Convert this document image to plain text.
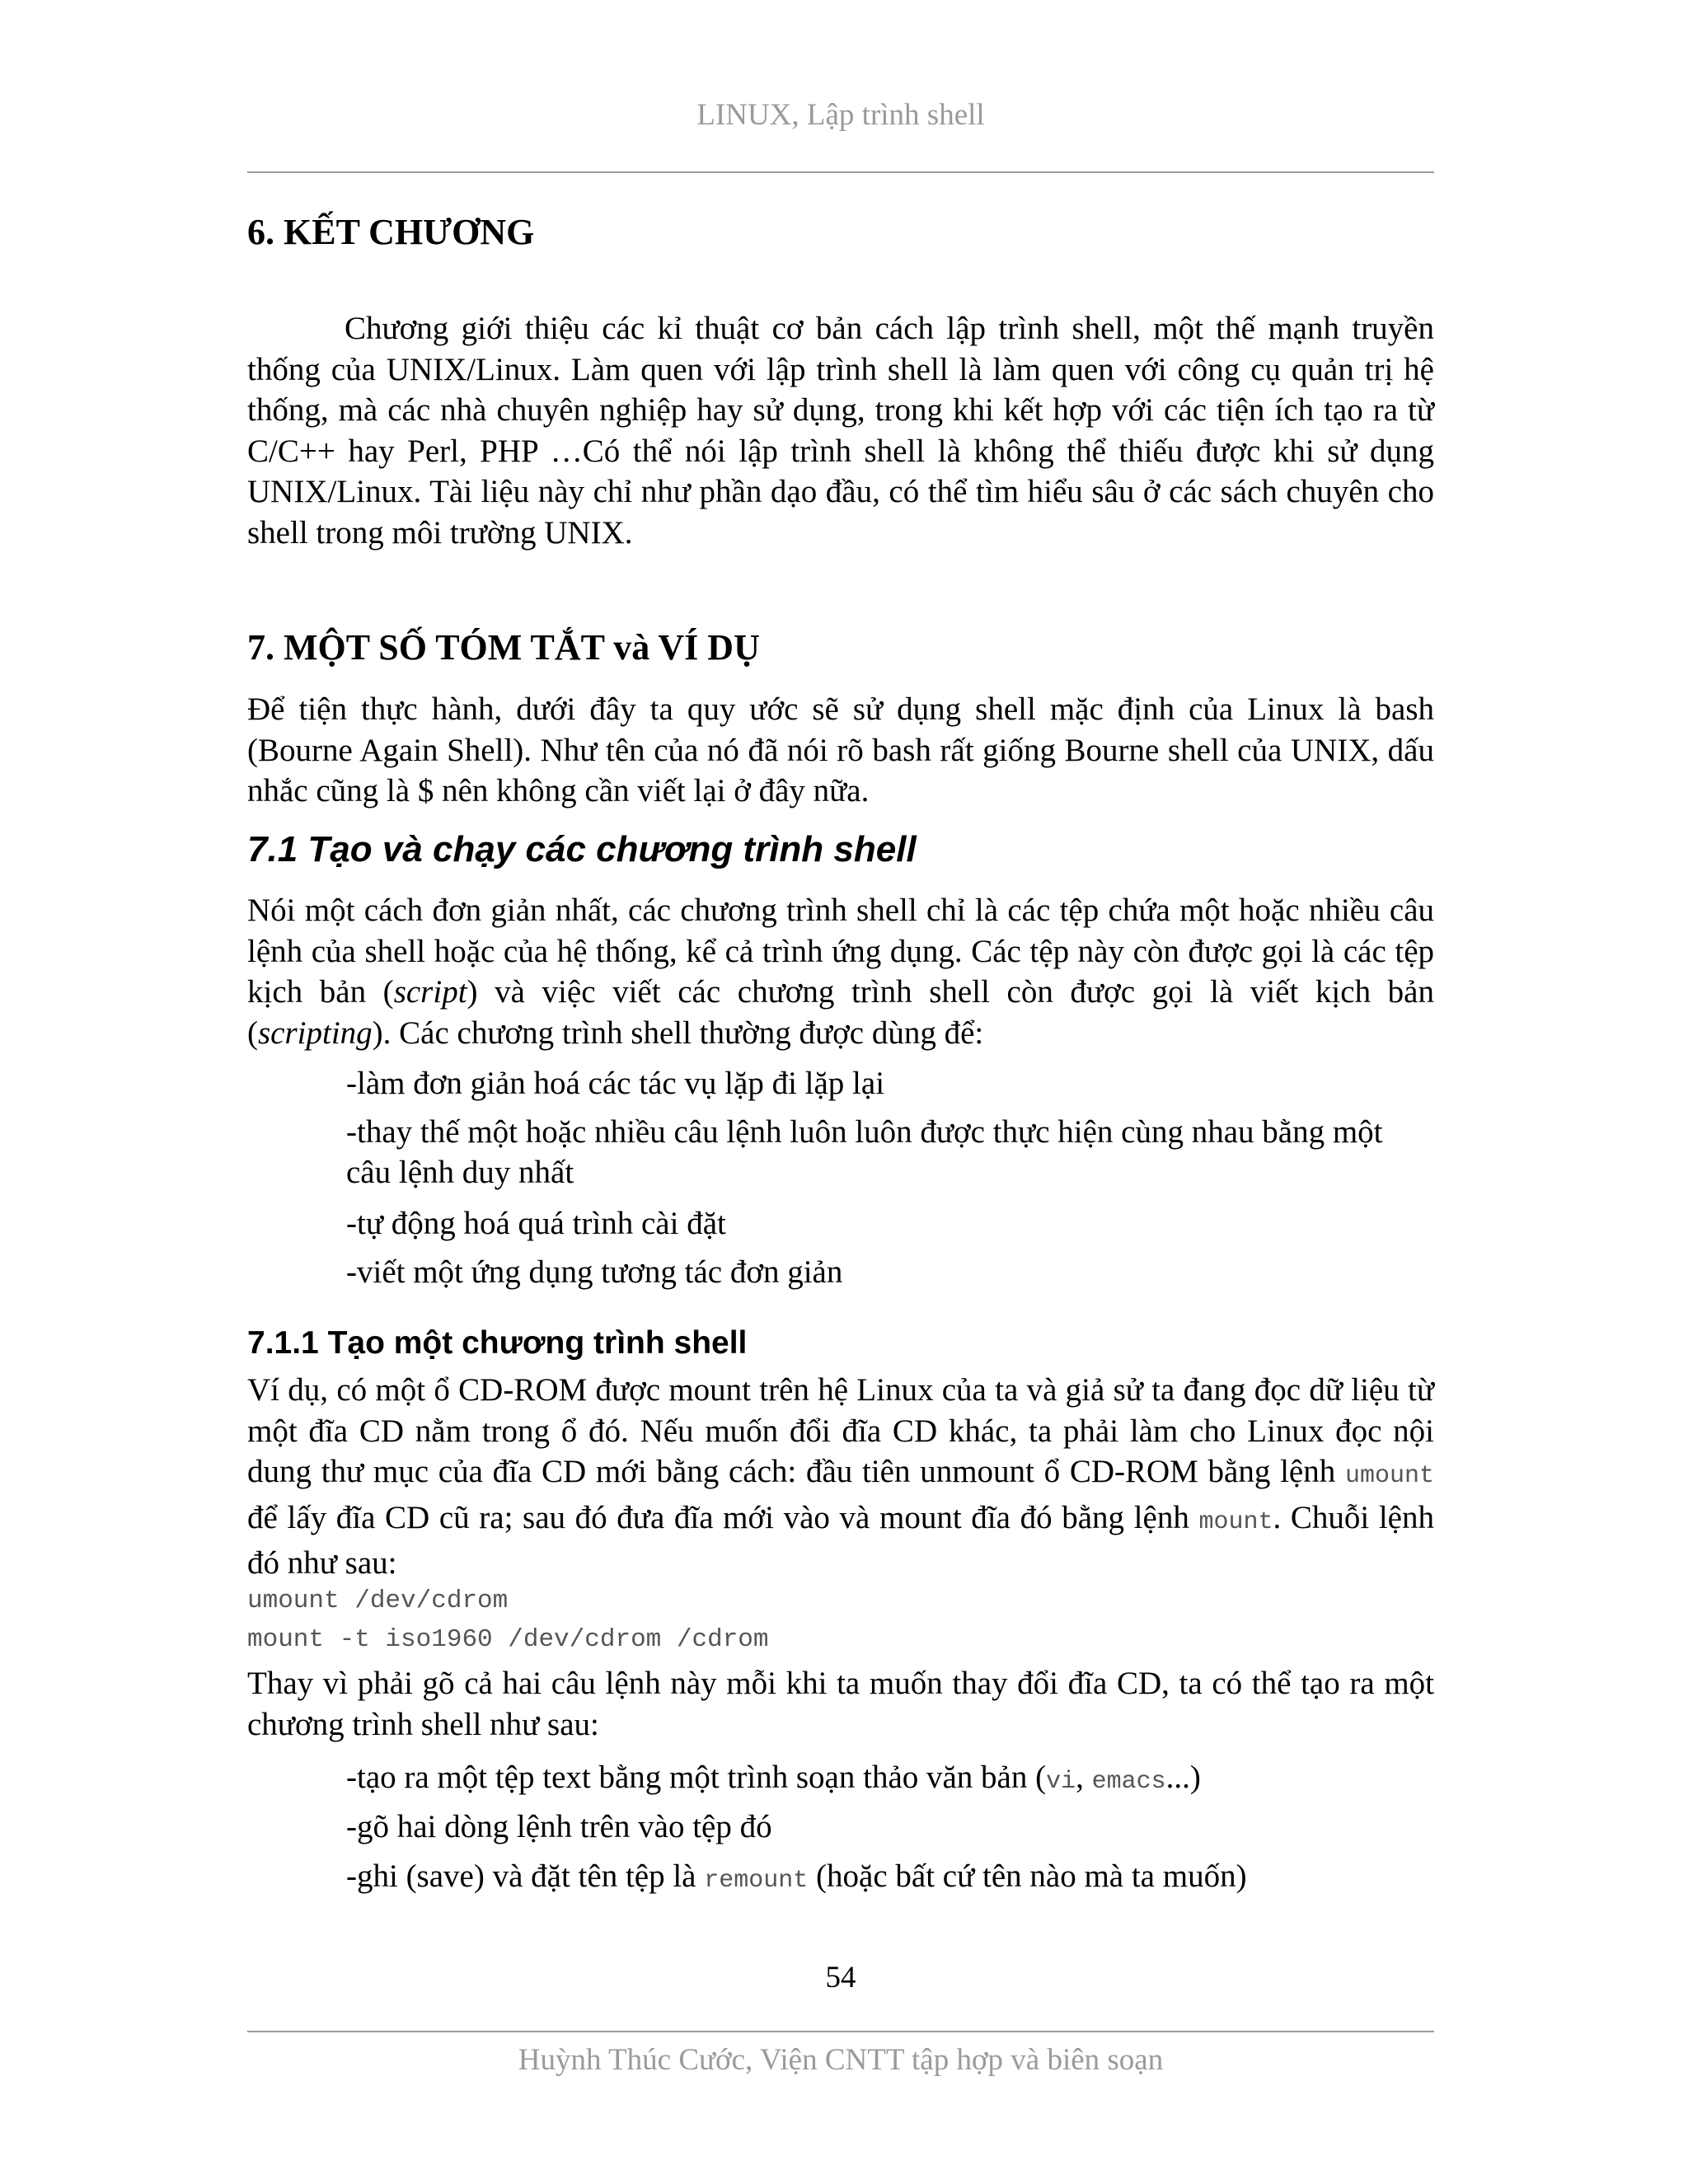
LINUX, Lập trình shell
6. KẾT CHƯƠNG
Chương giới thiệu các kỉ thuật cơ bản cách lập trình shell, một thế mạnh truyền thống của UNIX/Linux. Làm quen với lập trình shell là làm quen với công cụ quản trị hệ thống, mà các nhà chuyên nghiệp hay sử dụng, trong khi kết hợp với các tiện ích tạo ra từ C/C++ hay Perl, PHP …Có thể nói lập trình shell là không thể thiếu được khi sử dụng UNIX/Linux. Tài liệu này chỉ như phần dạo đầu, có thể tìm hiểu sâu ở các sách chuyên cho shell trong môi trường UNIX.
7. MỘT SỐ TÓM TẮT và VÍ DỤ
Để tiện thực hành, dưới đây ta quy ước sẽ sử dụng shell mặc định của Linux là bash (Bourne Again Shell). Như tên của nó đã nói rõ bash rất giống Bourne shell của UNIX, dấu nhắc cũng là $ nên không cần viết lại ở đây nữa.
7.1 Tạo và chạy các chương trình shell
Nói một cách đơn giản nhất, các chương trình shell chỉ là các tệp chứa một hoặc nhiều câu lệnh của shell hoặc của hệ thống, kể cả trình ứng dụng. Các tệp này còn được gọi là các tệp kịch bản (script) và việc viết các chương trình shell còn được gọi là viết kịch bản (scripting). Các chương trình shell thường được dùng để:
-làm đơn giản hoá các tác vụ lặp đi lặp lại
-thay thế một hoặc nhiều câu lệnh luôn luôn được thực hiện cùng nhau bằng một câu lệnh duy nhất
-tự động hoá quá trình cài đặt
-viết một ứng dụng tương tác đơn giản
7.1.1 Tạo một chương trình shell
Ví dụ, có một ổ CD-ROM được mount trên hệ Linux của ta và giả sử ta đang đọc dữ liệu từ một đĩa CD nằm trong ổ đó. Nếu muốn đổi đĩa CD khác, ta phải làm cho Linux đọc nội dung thư mục của đĩa CD mới bằng cách: đầu tiên unmount ổ CD-ROM bằng lệnh umount để lấy đĩa CD cũ ra; sau đó đưa đĩa mới vào và mount đĩa đó bằng lệnh mount. Chuỗi lệnh đó như sau:
umount /dev/cdrom
mount -t iso1960 /dev/cdrom /cdrom
Thay vì phải gõ cả hai câu lệnh này mỗi khi ta muốn thay đổi đĩa CD, ta có thể tạo ra một chương trình shell như sau:
-tạo ra một tệp text bằng một trình soạn thảo văn bản (vi, emacs...)
-gõ hai dòng lệnh trên vào tệp đó
-ghi (save) và đặt tên tệp là remount (hoặc bất cứ tên nào mà ta muốn)
54
Huỳnh Thúc Cước, Viện CNTT tập hợp và biên soạn
